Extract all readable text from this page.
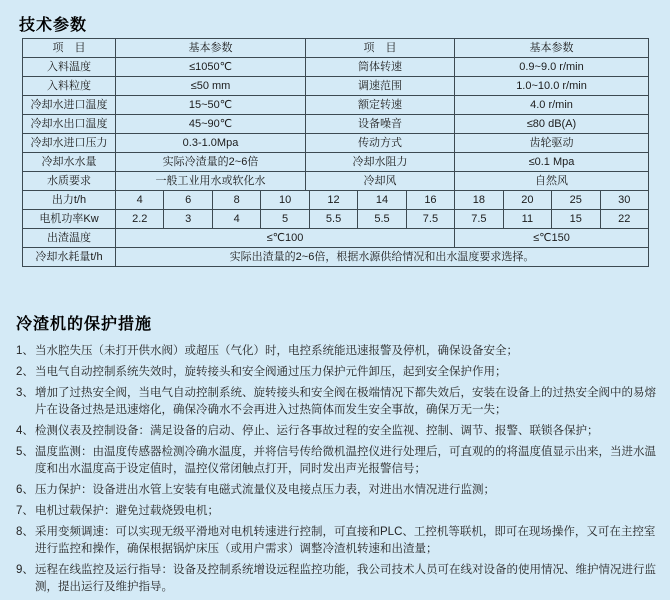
技术参数
项　目	基本参数	项　目	基本参数
入料温度	≤1050℃	筒体转速	0.9~9.0 r/min
入料粒度	≤50 mm	调速范围	1.0~10.0 r/min
冷却水进口温度	15~50℃	额定转速	4.0 r/min
冷却水出口温度	45~90℃	设备噪音	≤80 dB(A)
冷却水进口压力	0.3-1.0Mpa	传动方式	齿轮驱动
冷却水水量	实际冷渣量的2~6倍	冷却水阻力	≤0.1 Mpa
水质要求	一般工业用水或软化水	冷却风	自然风
出力t/h	4	6	8	10	12	14	16	18	20	25	30
电机功率Kw	2.2	3	4	5	5.5	5.5	7.5	7.5	11	15	22
出渣温度	≤℃100	≤℃150
冷却水耗量t/h	实际出渣量的2~6倍，根据水源供给情况和出水温度要求选择。
冷渣机的保护措施
1、 当水腔失压（未打开供水阀）或超压（气化）时，电控系统能迅速报警及停机，确保设备安全；
2、 当电气自动控制系统失效时，旋转接头和安全阀通过压力保护元件卸压，起到安全保护作用；
3、 增加了过热安全阀，当电气自动控制系统、旋转接头和安全阀在极端情况下都失效后，安装在设备上的过热安全阀中的易熔片在设备过热是迅速熔化，确保冷确水不会再进入过热筒体而发生安全事故，确保万无一失；
4、 检测仪表及控制设备：满足设备的启动、停止、运行各事故过程的安全监视、控制、调节、报警、联锁各保护；
5、 温度监测：由温度传感器检测冷确水温度，并将信号传给微机温控仪进行处理后，可直观的的将温度值显示出来，当进水温度和出水温度高于设定值时，温控仪常闭触点打开，同时发出声光报警信号；
6、 压力保护：设备进出水管上安装有电磁式流量仪及电接点压力表，对进出水情况进行监测；
7、 电机过载保护：避免过载烧毁电机；
8、 采用变频调速：可以实现无级平滑地对电机转速进行控制，可直接和PLC、工控机等联机，即可在现场操作，又可在主控室进行监控和操作，确保根据锅炉床压（或用户需求）调整冷渣机转速和出渣量；
9、 远程在线监控及运行指导：设备及控制系统增设远程监控功能，我公司技术人员可在线对设备的使用情况、维护情况进行监测，提出运行及维护指导。
